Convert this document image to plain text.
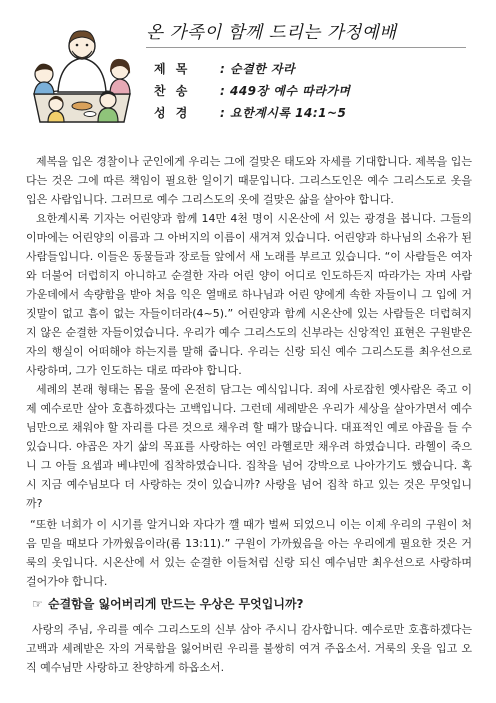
온 가족이 함께 드리는 가정예배
제 목	: 순결한 자라
찬 송	: 449장 예수 따라가며
성 경	: 요한계시록 14:1~5

제복을 입은 경찰이나 군인에게 우리는 그에 걸맞은 태도와 자세를 기대합니다. 제복을 입는다는 것은 그에 따른 책임이 필요한 일이기 때문입니다. 그리스도인은 예수 그리스도로 옷을 입은 사람입니다. 그러므로 예수 그리스도의 옷에 걸맞은 삶을 살아야 합니다.

요한계시록 기자는 어린양과 함께 14만 4천 명이 시온산에 서 있는 광경을 봅니다. 그들의 이마에는 어린양의 이름과 그 아버지의 이름이 새겨져 있습니다. 어린양과 하나님의 소유가 된 사람들입니다. 이들은 동물들과 장로들 앞에서 새 노래를 부르고 있습니다. “이 사람들은 여자와 더불어 더럽히지 아니하고 순결한 자라 어린 양이 어디로 인도하든지 따라가는 자며 사람 가운데에서 속량함을 받아 처음 익은 열매로 하나님과 어린 양에게 속한 자들이니 그 입에 거짓말이 없고 흠이 없는 자들이더라(4~5).” 어린양과 함께 시온산에 있는 사람들은 더럽혀지지 않은 순결한 자들이었습니다. 우리가 예수 그리스도의 신부라는 신앙적인 표현은 구원받은 자의 행실이 어떠해야 하는지를 말해 줍니다. 우리는 신랑 되신 예수 그리스도를 최우선으로 사랑하며, 그가 인도하는 대로 따라야 합니다.

세례의 본래 형태는 몸을 물에 온전히 담그는 예식입니다. 죄에 사로잡힌 옛사람은 죽고 이제 예수로만 살아 호흡하겠다는 고백입니다. 그런데 세례받은 우리가 세상을 살아가면서 예수님만으로 채워야 할 자리를 다른 것으로 채우려 할 때가 많습니다. 대표적인 예로 야곱을 들 수 있습니다. 야곱은 자기 삶의 목표를 사랑하는 여인 라헬로만 채우려 하였습니다. 라헬이 죽으니 그 아들 요셉과 베냐민에 집착하였습니다. 집착을 넘어 강박으로 나아가기도 했습니다. 혹시 지금 예수님보다 더 사랑하는 것이 있습니까? 사랑을 넘어 집착 하고 있는 것은 무엇입니까?

“또한 너희가 이 시기를 알거니와 자다가 깰 때가 벌써 되었으니 이는 이제 우리의 구원이 처음 믿을 때보다 가까웠음이라(롬 13:11).” 구원이 가까웠음을 아는 우리에게 필요한 것은 거룩의 옷입니다. 시온산에 서 있는 순결한 이들처럼 신랑 되신 예수님만 최우선으로 사랑하며 걸어가야 합니다.

☞ 순결함을 잃어버리게 만드는 우상은 무엇입니까?

사랑의 주님, 우리를 예수 그리스도의 신부 삼아 주시니 감사합니다. 예수로만 호흡하겠다는 고백과 세례받은 자의 거룩함을 잃어버린 우리를 불쌍히 여겨 주옵소서. 거룩의 옷을 입고 오직 예수님만 사랑하고 찬양하게 하옵소서.
